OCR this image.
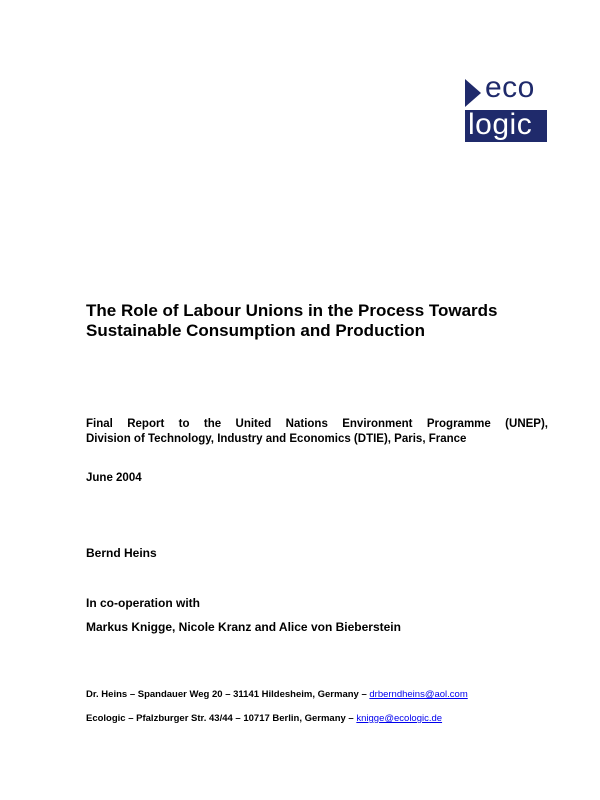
eco
logic
The Role of Labour Unions in the Process Towards
Sustainable Consumption and Production
Final Report to the United Nations Environment Programme (UNEP),
Division of Technology, Industry and Economics (DTIE), Paris, France
June 2004
Bernd Heins
In co-operation with
Markus Knigge, Nicole Kranz and Alice von Bieberstein
Dr. Heins – Spandauer Weg 20 – 31141 Hildesheim, Germany – drberndheins@aol.com
Ecologic – Pfalzburger Str. 43/44 – 10717 Berlin, Germany – knigge@ecologic.de
